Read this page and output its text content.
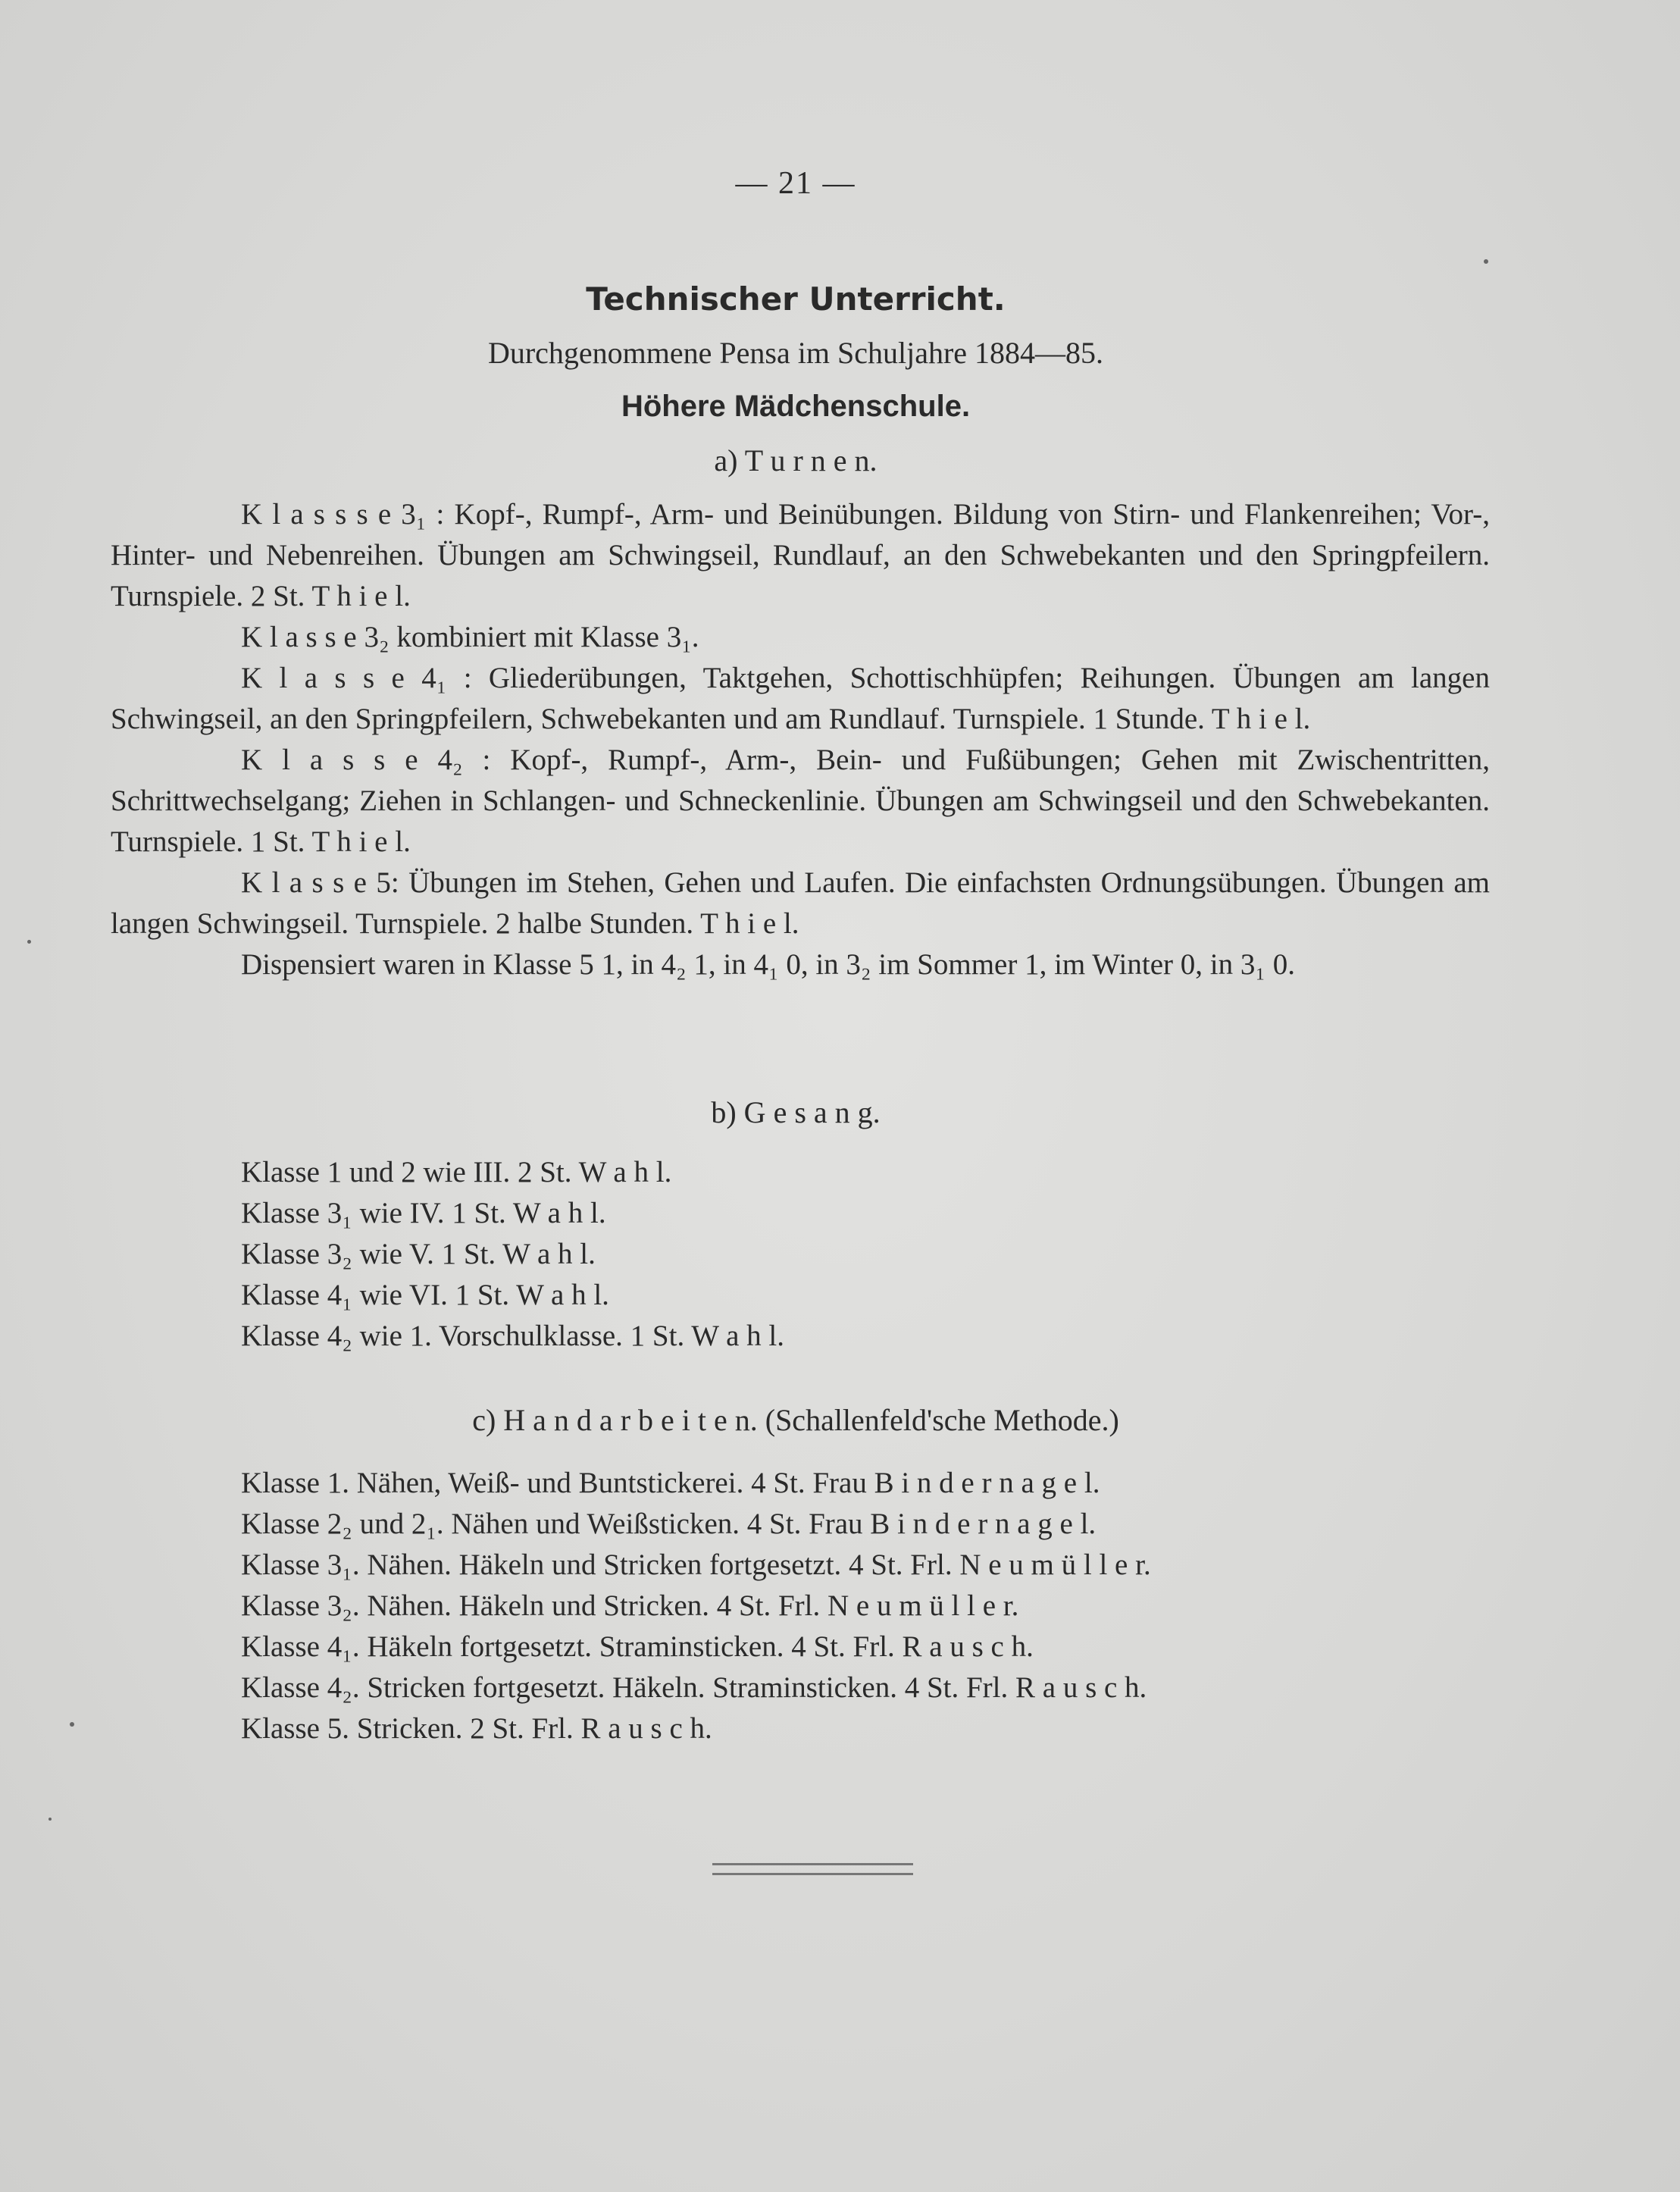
— 21 —
Technischer Unterricht.
Durchgenommene Pensa im Schuljahre 1884—85.
Höhere Mädchenschule.
a) T u r n e n.

K l a s s s e 3₁ : Kopf-, Rumpf-, Arm- und Beinübungen. Bildung von Stirn- und Flankenreihen; Vor-, Hinter- und Nebenreihen. Übungen am Schwingseil, Rundlauf, an den Schwebekanten und den Springpfeilern. Turnspiele. 2 St. T h i e l.

K l a s s e 3₂ kombiniert mit Klasse 3₁.

K l a s s e 4₁ : Gliederübungen, Taktgehen, Schottischhüpfen; Reihungen. Übungen am langen Schwingseil, an den Springpfeilern, Schwebekanten und am Rundlauf. Turnspiele. 1 Stunde. T h i e l.

K l a s s e 4₂ : Kopf-, Rumpf-, Arm-, Bein- und Fußübungen; Gehen mit Zwischentritten, Schrittwechselgang; Ziehen in Schlangen- und Schneckenlinie. Übungen am Schwingseil und den Schwebekanten. Turnspiele. 1 St. T h i e l.

K l a s s e 5: Übungen im Stehen, Gehen und Laufen. Die einfachsten Ordnungsübungen. Übungen am langen Schwingseil. Turnspiele. 2 halbe Stunden. T h i e l.

Dispensiert waren in Klasse 5 1, in 4₂ 1, in 4₁ 0, in 3₂ im Sommer 1, im Winter 0, in 3₁ 0.

b) G e s a n g.
Klasse 1 und 2 wie III. 2 St. W a h l.
Klasse 3₁ wie IV. 1 St. W a h l.
Klasse 3₂ wie V. 1 St. W a h l.
Klasse 4₁ wie VI. 1 St. W a h l.
Klasse 4₂ wie 1. Vorschulklasse. 1 St. W a h l.
c) H a n d a r b e i t e n. (Schallenfeld'sche Methode.)
Klasse 1. Nähen, Weiß- und Buntstickerei. 4 St. Frau B i n d e r n a g e l.
Klasse 2₂ und 2₁. Nähen und Weißsticken. 4 St. Frau B i n d e r n a g e l.
Klasse 3₁. Nähen. Häkeln und Stricken fortgesetzt. 4 St. Frl. N e u m ü l l e r.
Klasse 3₂. Nähen. Häkeln und Stricken. 4 St. Frl. N e u m ü l l e r.
Klasse 4₁. Häkeln fortgesetzt. Straminsticken. 4 St. Frl. R a u s c h.
Klasse 4₂. Stricken fortgesetzt. Häkeln. Straminsticken. 4 St. Frl. R a u s c h.
Klasse 5. Stricken. 2 St. Frl. R a u s c h.
